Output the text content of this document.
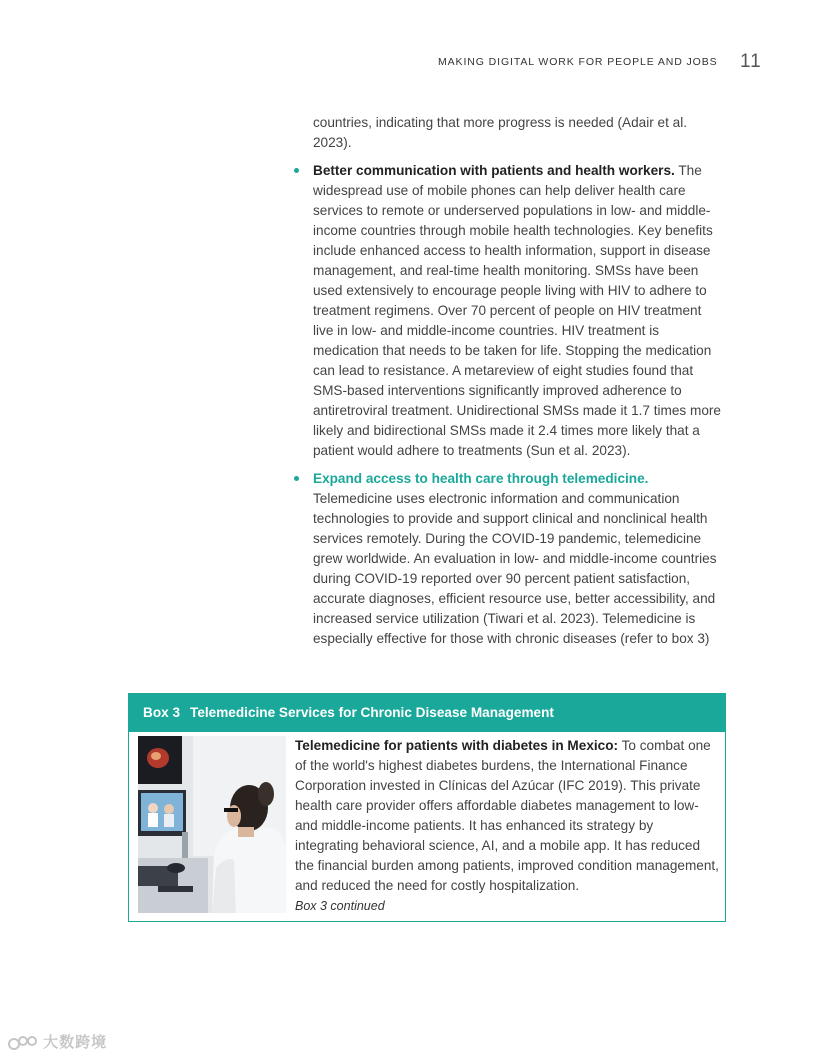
MAKING DIGITAL WORK FOR PEOPLE AND JOBS 11

countries, indicating that more progress is needed (Adair et al. 2023).

Better communication with patients and health workers. The widespread use of mobile phones can help deliver health care services to remote or underserved populations in low- and middle-income countries through mobile health technologies. Key benefits include enhanced access to health information, support in disease management, and real-time health monitoring. SMSs have been used extensively to encourage people living with HIV to adhere to treatment regimens. Over 70 percent of people on HIV treatment live in low- and middle-income countries. HIV treatment is medication that needs to be taken for life. Stopping the medication can lead to resistance. A metareview of eight studies found that SMS-based interventions significantly improved adherence to antiretroviral treatment. Unidirectional SMSs made it 1.7 times more likely and bidirectional SMSs made it 2.4 times more likely that a patient would adhere to treatments (Sun et al. 2023).
Expand access to health care through telemedicine. Telemedicine uses electronic information and communication technologies to provide and support clinical and nonclinical health services remotely. During the COVID-19 pandemic, telemedicine grew worldwide. An evaluation in low- and middle-income countries during COVID-19 reported over 90 percent patient satisfaction, accurate diagnoses, efficient resource use, better accessibility, and increased service utilization (Tiwari et al. 2023). Telemedicine is especially effective for those with chronic diseases (refer to box 3)
Box 3 Telemedicine Services for Chronic Disease Management
Telemedicine for patients with diabetes in Mexico: To combat one of the world's highest diabetes burdens, the International Finance Corporation invested in Clínicas del Azúcar (IFC 2019). This private health care provider offers affordable diabetes management to low- and middle-income patients. It has enhanced its strategy by integrating behavioral science, AI, and a mobile app. It has reduced the financial burden among patients, improved condition management, and reduced the need for costly hospitalization.
Box 3 continued
大数跨境
